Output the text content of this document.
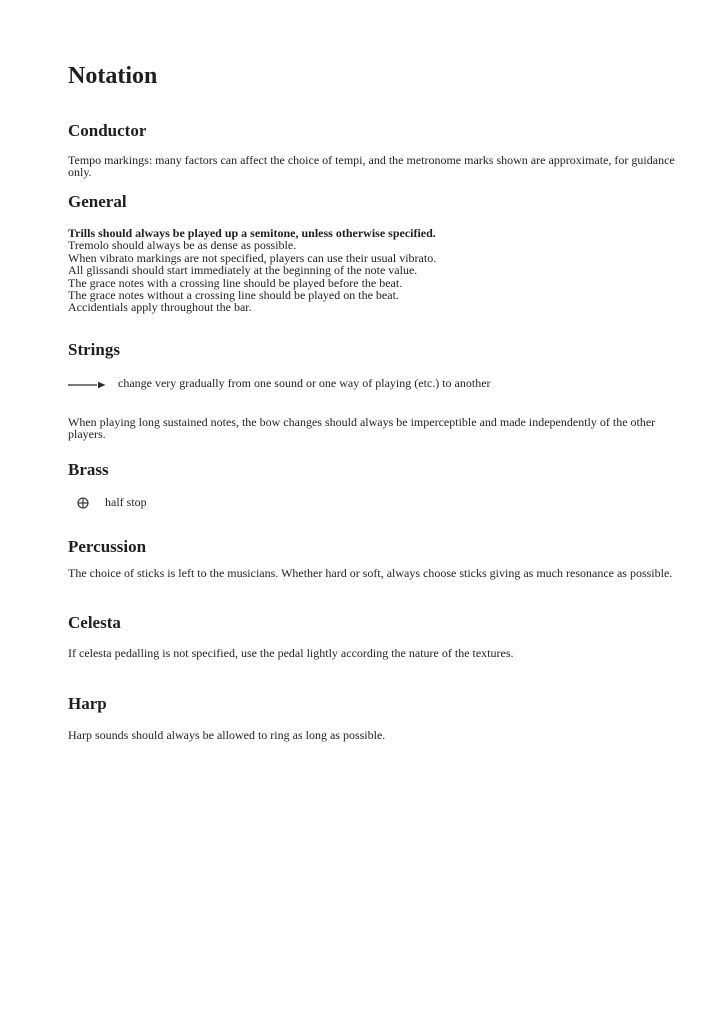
Notation
Conductor
Tempo markings: many factors can affect the choice of tempi, and the metronome marks shown are approximate, for guidance
only.
General
Trills should always be played up a semitone, unless otherwise specified.
Tremolo should always be as dense as possible.
When vibrato markings are not specified, players can use their usual vibrato.
All glissandi should start immediately at the beginning of the note value.
The grace notes with a crossing line should be played before the beat.
The grace notes without a crossing line should be played on the beat.
Accidentials apply throughout the bar.
Strings
change very gradually from one sound or one way of playing (etc.) to another
When playing long sustained notes, the bow changes should always be imperceptible and made independently of the other
players.
Brass
half stop
Percussion
The choice of sticks is left to the musicians. Whether hard or soft, always choose sticks giving as much resonance as possible.
Celesta
If celesta pedalling is not specified, use the pedal lightly according the nature of the textures.
Harp
Harp sounds should always be allowed to ring as long as possible.
